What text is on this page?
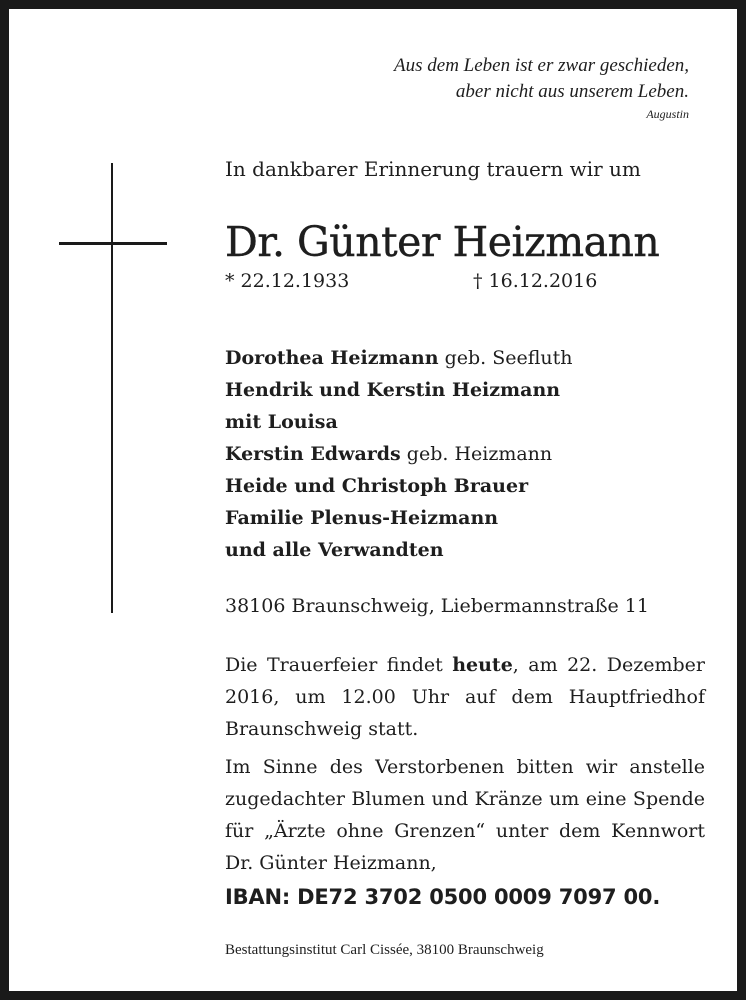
Aus dem Leben ist er zwar geschieden,
aber nicht aus unserem Leben.
Augustin
In dankbarer Erinnerung trauern wir um
Dr. Günter Heizmann
* 22.12.1933	† 16.12.2016
Dorothea Heizmann geb. Seefluth
Hendrik und Kerstin Heizmann
mit Louisa
Kerstin Edwards geb. Heizmann
Heide und Christoph Brauer
Familie Plenus-Heizmann
und alle Verwandten
38106 Braunschweig, Liebermannstraße 11
Die Trauerfeier findet heute, am 22. Dezember 2016, um 12.00 Uhr auf dem Hauptfriedhof Braunschweig statt.
Im Sinne des Verstorbenen bitten wir anstelle zugedachter Blumen und Kränze um eine Spende für „Ärzte ohne Grenzen“ unter dem Kennwort Dr. Günter Heizmann,
IBAN: DE72 3702 0500 0009 7097 00.
Bestattungsinstitut Carl Cissée, 38100 Braunschweig
